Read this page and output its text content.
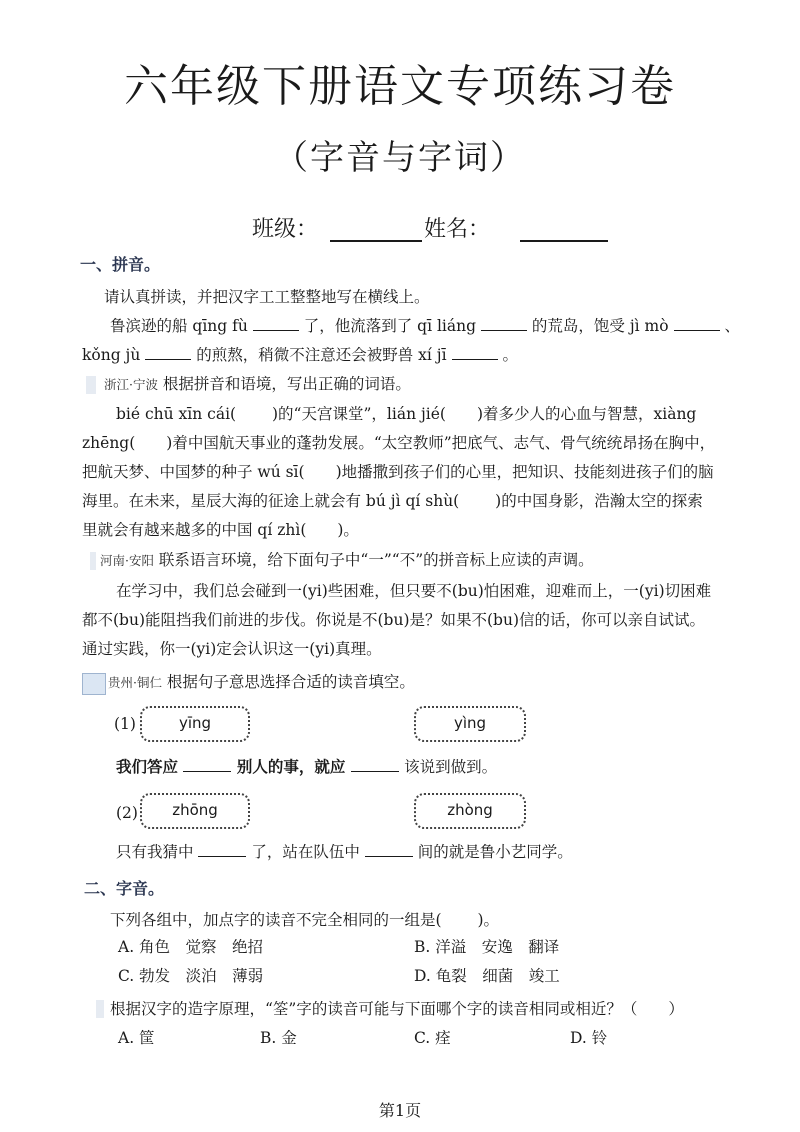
六年级下册语文专项练习卷
（字音与字词）
班级：	姓名：
一、拼音。
请认真拼读，并把汉字工工整整地写在横线上。
鲁滨逊的船 qīng fù	了，他流落到了 qī liáng	的荒岛，饱受 jì mò	、
kǒng jù	的煎熬，稍微不注意还会被野兽 xí jī	。
浙江·宁波 根据拼音和语境，写出正确的词语。
bié chū xīn cái(　　 )的“天宫课堂”，lián jié(　　)着多少人的心血与智慧，xiàng
zhēng(　　)着中国航天事业的蓬勃发展。“太空教师”把底气、志气、骨气统统昂扬在胸中，
把航天梦、中国梦的种子 wú sī(　　)地播撒到孩子们的心里，把知识、技能刻进孩子们的脑
海里。在未来，星辰大海的征途上就会有 bú jì qí shù(　　 )的中国身影，浩瀚太空的探索
里就会有越来越多的中国 qí zhì(　　)。
河南·安阳 联系语言环境，给下面句子中“一”“不”的拼音标上应读的声调。
在学习中，我们总会碰到一(yi)些困难，但只要不(bu)怕困难，迎难而上，一(yi)切困难
都不(bu)能阻挡我们前进的步伐。你说是不(bu)是？如果不(bu)信的话，你可以亲自试试。
通过实践，你一(yi)定会认识这一(yi)真理。
贵州·铜仁 根据句子意思选择合适的读音填空。
(1)	yīng	yìng
我们答应	别人的事，就应	该说到做到。
(2)	zhōng	zhòng
只有我猜中	了，站在队伍中	间的就是鲁小艺同学。
二、字音。
下列各组中，加点字的读音不完全相同的一组是(　　 )。
A. 角色　觉察　绝招	B. 洋溢　安逸　翻译
C. 勃发　淡泊　薄弱	D. 龟裂　细菌　竣工
根据汉字的造字原理，“筌”字的读音可能与下面哪个字的读音相同或相近？（　　）
A. 筐	B. 金	C. 痊	D. 铃
第1页
